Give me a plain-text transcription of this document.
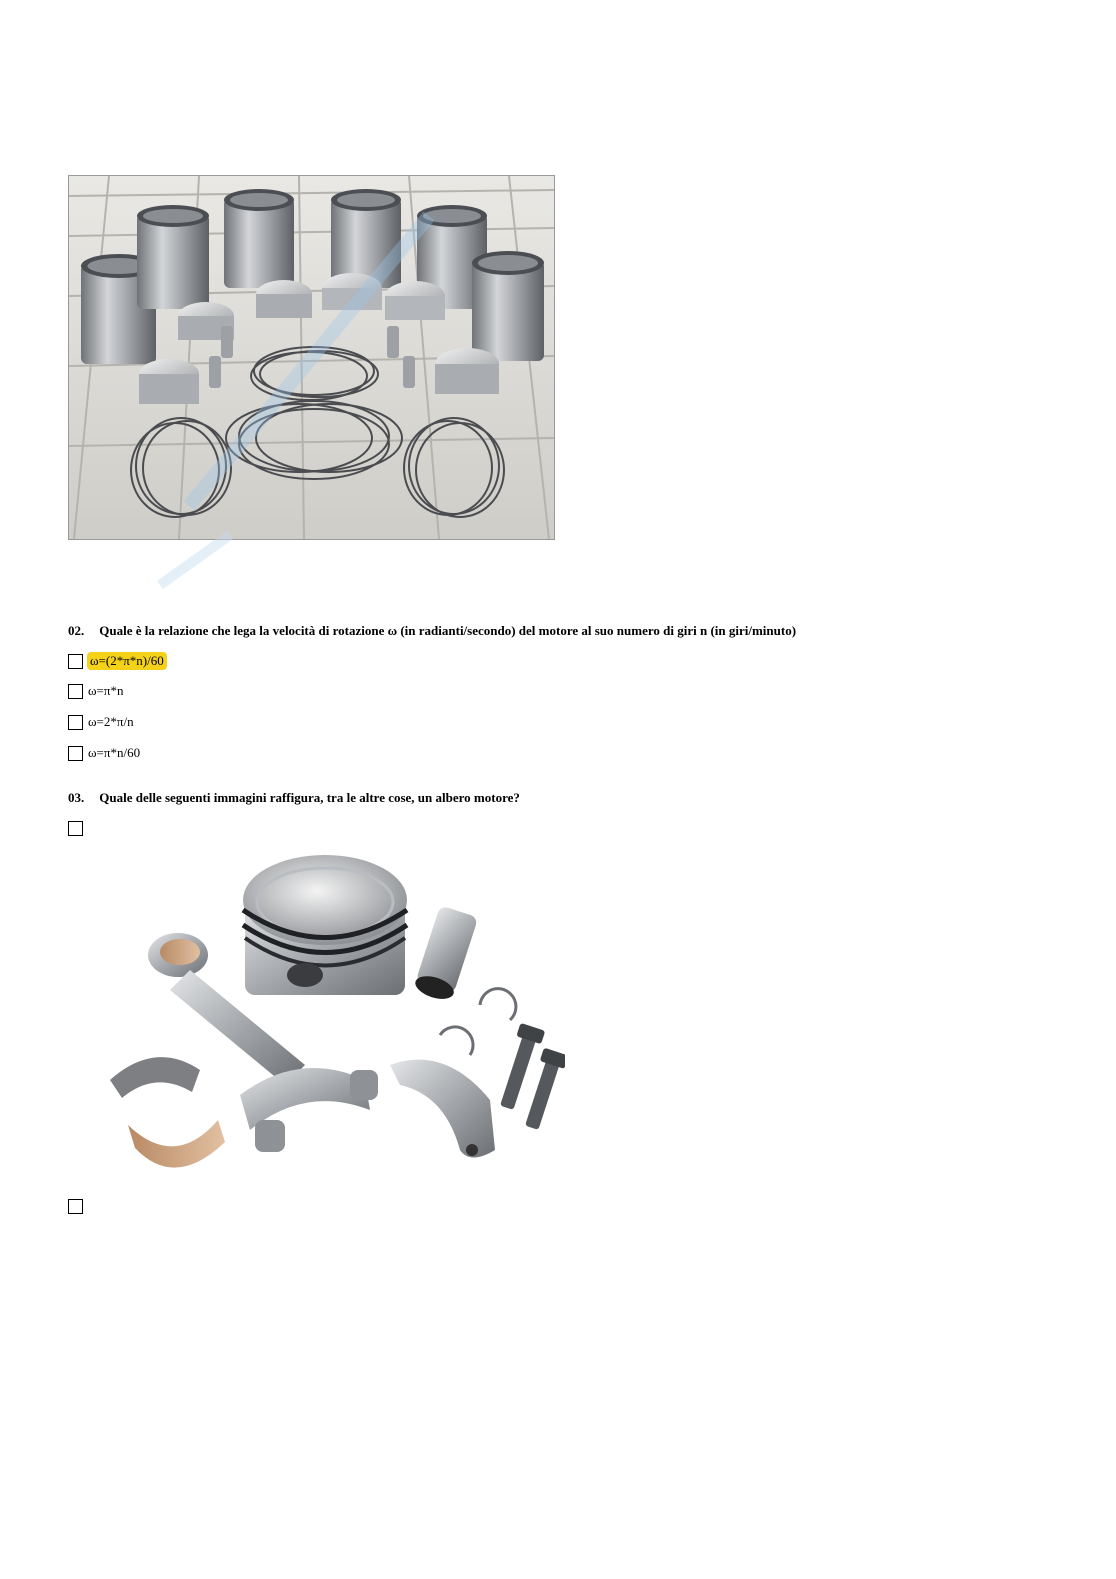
02. Quale è la relazione che lega la velocità di rotazione ω (in radianti/secondo) del motore al suo numero di giri n (in giri/minuto)
ω=(2*π*n)/60
ω=π*n
ω=2*π/n
ω=π*n/60
03. Quale delle seguenti immagini raffigura, tra le altre cose, un albero motore?
